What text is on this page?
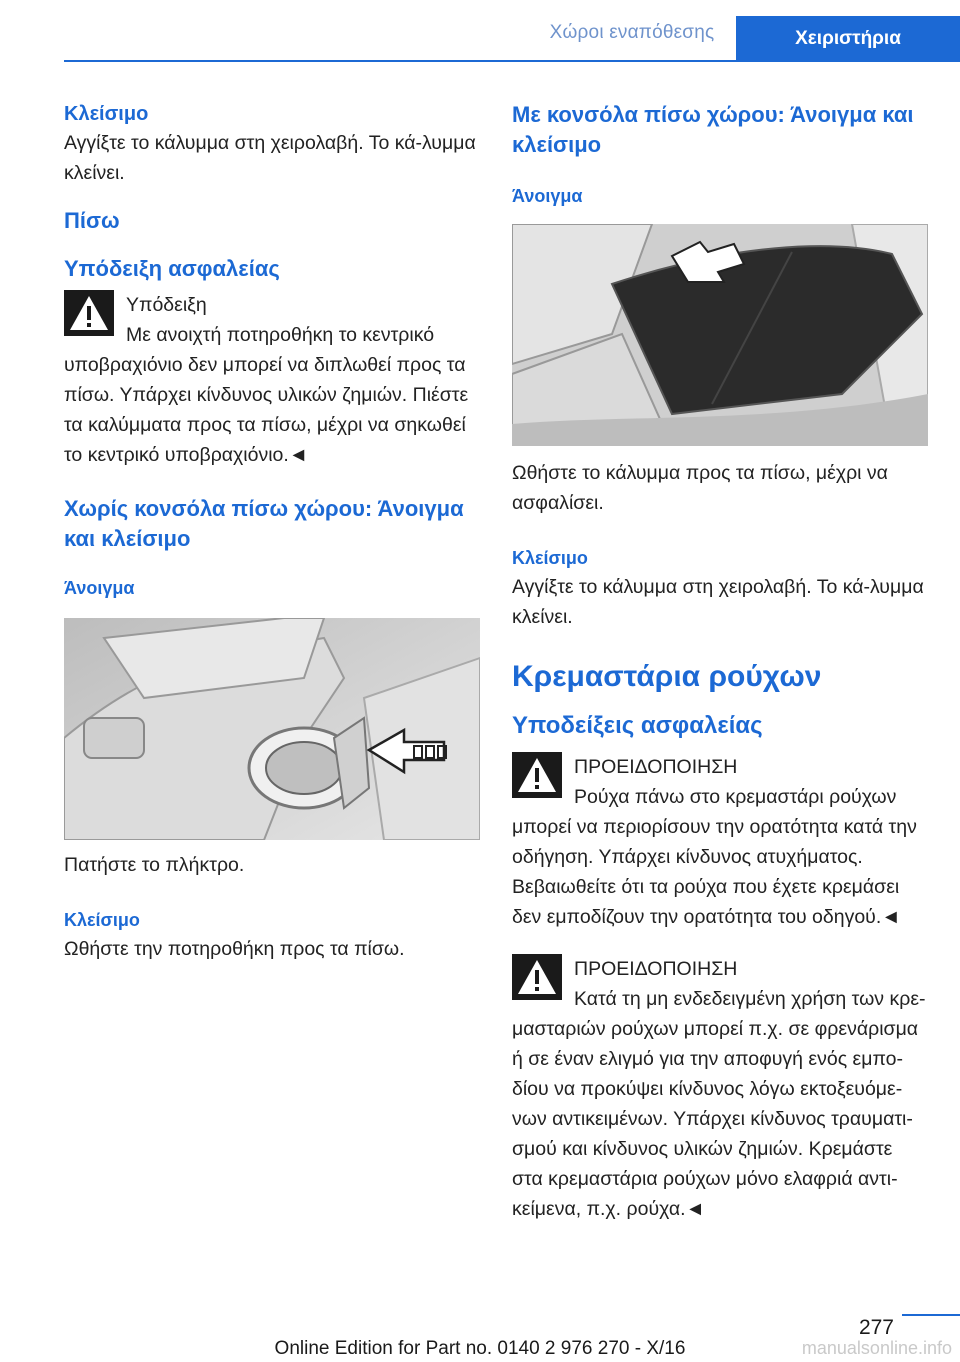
Χώροι εναπόθεσης	Χειριστήρια
Κλείσιμο

Αγγίξτε το κάλυμμα στη χειρολαβή. Το κά-λυμμα κλείνει.

Πίσω
Υπόδειξη ασφαλείας

Υπόδειξη

Με ανοιχτή ποτηροθήκη το κεντρικό υποβραχιόνιο δεν μπορεί να διπλωθεί προς τα πίσω. Υπάρχει κίνδυνος υλικών ζημιών. Πιέστε τα καλύμματα προς τα πίσω, μέχρι να σηκωθεί το κεντρικό υποβραχιόνιο.◄

Χωρίς κονσόλα πίσω χώρου: Άνοιγμα και κλείσιμο
Άνοιγμα

Πατήστε το πλήκτρο.

Κλείσιμο

Ωθήστε την ποτηροθήκη προς τα πίσω.

Με κονσόλα πίσω χώρου: Άνοιγμα και κλείσιμο
Άνοιγμα

Ωθήστε το κάλυμμα προς τα πίσω, μέχρι να ασφαλίσει.

Κλείσιμο

Αγγίξτε το κάλυμμα στη χειρολαβή. Το κά-λυμμα κλείνει.

Κρεμαστάρια ρούχων
Υποδείξεις ασφαλείας

ΠΡΟΕΙΔΟΠΟΙΗΣΗ

Ρούχα πάνω στο κρεμαστάρι ρούχων μπορεί να περιορίσουν την ορατότητα κατά την οδήγηση. Υπάρχει κίνδυνος ατυχήματος. Βεβαιωθείτε ότι τα ρούχα που έχετε κρεμάσει δεν εμποδίζουν την ορατότητα του οδηγού.◄

ΠΡΟΕΙΔΟΠΟΙΗΣΗ

Κατά τη μη ενδεδειγμένη χρήση των κρε-μασταριών ρούχων μπορεί π.χ. σε φρενάρισμα ή σε έναν ελιγμό για την αποφυγή ενός εμπο-δίου να προκύψει κίνδυνος λόγω εκτοξευόμε-νων αντικειμένων. Υπάρχει κίνδυνος τραυματι-σμού και κίνδυνος υλικών ζημιών. Κρεμάστε στα κρεμαστάρια ρούχων μόνο ελαφριά αντι-κείμενα, π.χ. ρούχα.◄

277
Online Edition for Part no. 0140 2 976 270 - X/16	manualsonline.info
